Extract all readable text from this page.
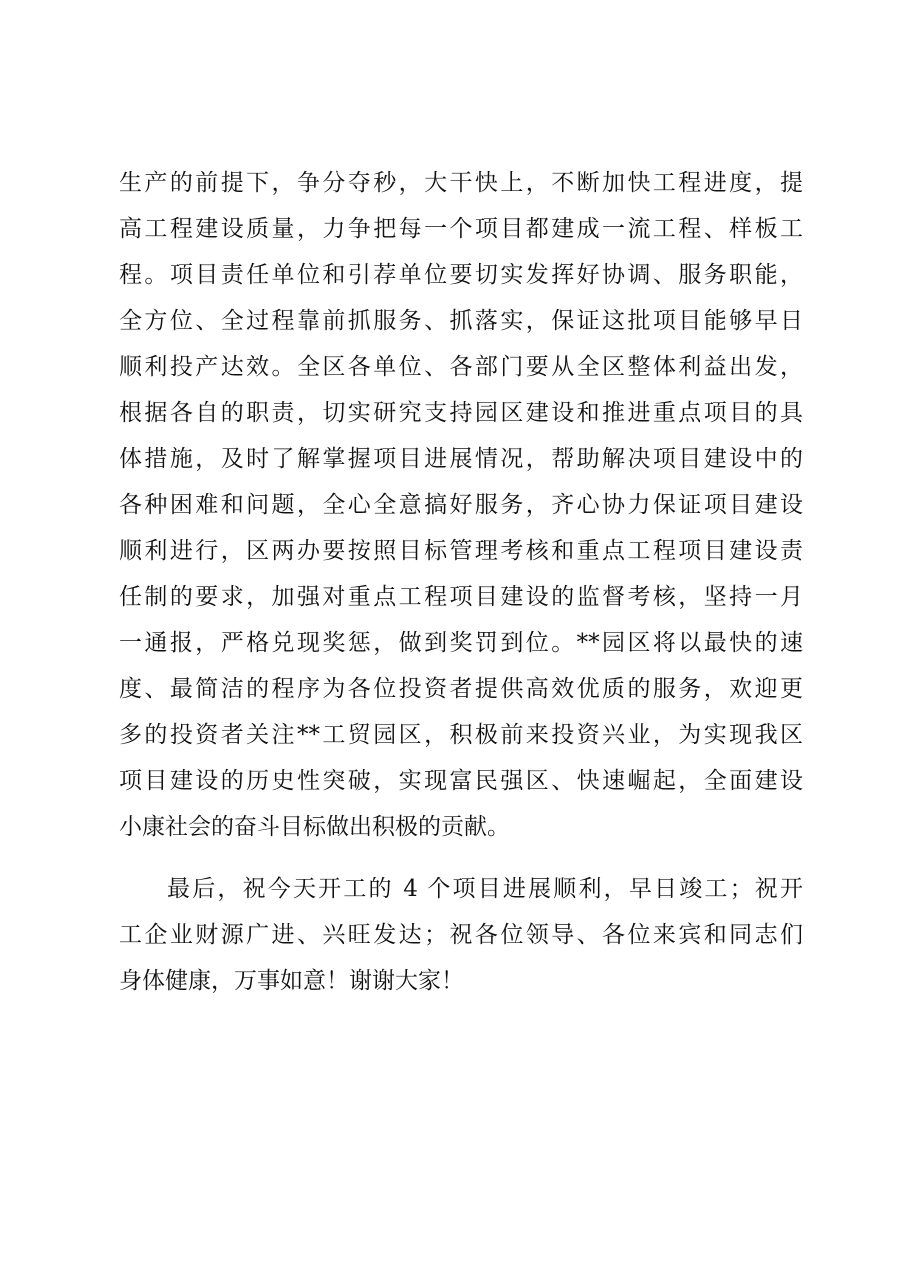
生产的前提下，争分夺秒，大干快上，不断加快工程进度，提
高工程建设质量，力争把每一个项目都建成一流工程、样板工
程。项目责任单位和引荐单位要切实发挥好协调、服务职能，
全方位、全过程靠前抓服务、抓落实，保证这批项目能够早日
顺利投产达效。全区各单位、各部门要从全区整体利益出发，
根据各自的职责，切实研究支持园区建设和推进重点项目的具
体措施，及时了解掌握项目进展情况，帮助解决项目建设中的
各种困难和问题，全心全意搞好服务，齐心协力保证项目建设
顺利进行，区两办要按照目标管理考核和重点工程项目建设责
任制的要求，加强对重点工程项目建设的监督考核，坚持一月
一通报，严格兑现奖惩，做到奖罚到位。**园区将以最快的速
度、最简洁的程序为各位投资者提供高效优质的服务，欢迎更
多的投资者关注**工贸园区，积极前来投资兴业，为实现我区
项目建设的历史性突破，实现富民强区、快速崛起，全面建设
小康社会的奋斗目标做出积极的贡献。
最后，祝今天开工的 4 个项目进展顺利，早日竣工；祝开
工企业财源广进、兴旺发达；祝各位领导、各位来宾和同志们
身体健康，万事如意！谢谢大家！
